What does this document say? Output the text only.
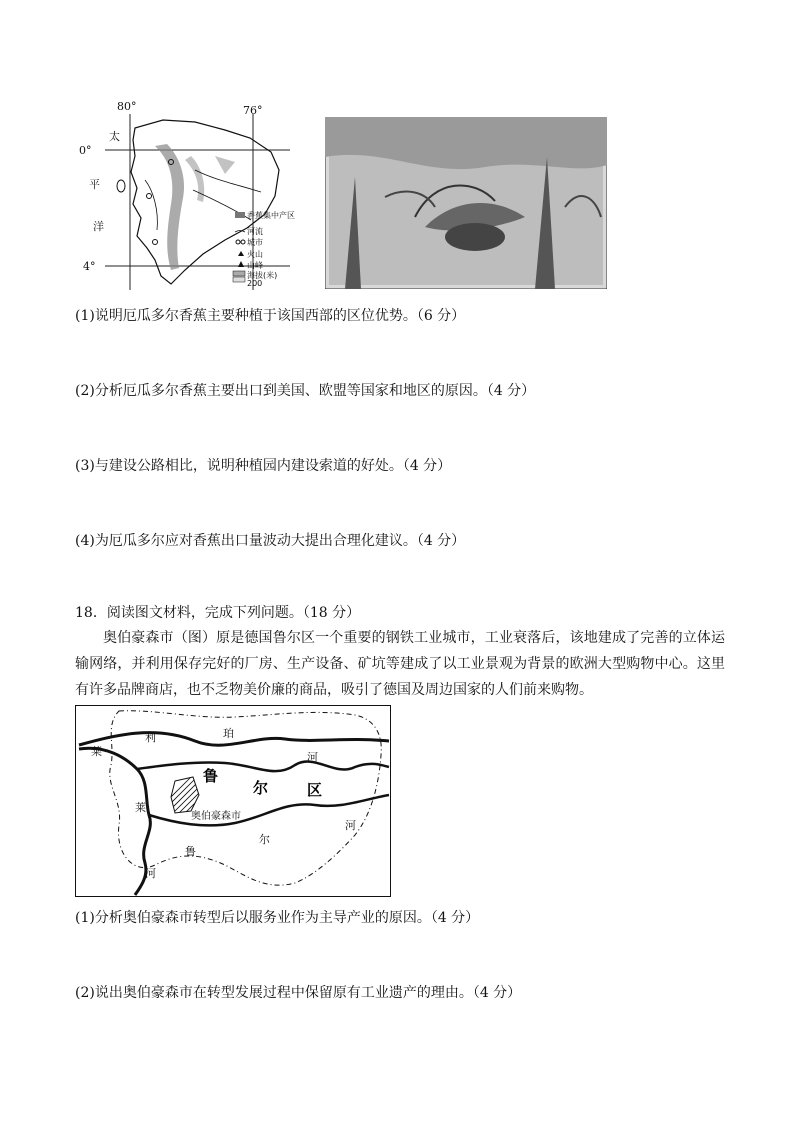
80°	76°
0°
4°
太
平
洋
香蕉集中产区
河流
城市
火山
山峰
海拔(米)
200
(1)说明厄瓜多尔香蕉主要种植于该国西部的区位优势。（6 分）
(2)分析厄瓜多尔香蕉主要出口到美国、欧盟等国家和地区的原因。（4 分）
(3)与建设公路相比，说明种植园内建设索道的好处。（4 分）
(4)为厄瓜多尔应对香蕉出口量波动大提出合理化建议。（4 分）
18．阅读图文材料，完成下列问题。（18 分）
奥伯豪森市（图）原是德国鲁尔区一个重要的钢铁工业城市，工业衰落后，该地建成了完善的立体运输网络，并利用保存完好的厂房、生产设备、矿坑等建成了以工业景观为背景的欧洲大型购物中心。这里有许多品牌商店，也不乏物美价廉的商品，吸引了德国及周边国家的人们前来购物。
莱
利	珀
河
莱
河
鲁
尔
河
鲁
尔	区
奥伯豪森市
(1)分析奥伯豪森市转型后以服务业作为主导产业的原因。（4 分）
(2)说出奥伯豪森市在转型发展过程中保留原有工业遗产的理由。（4 分）
